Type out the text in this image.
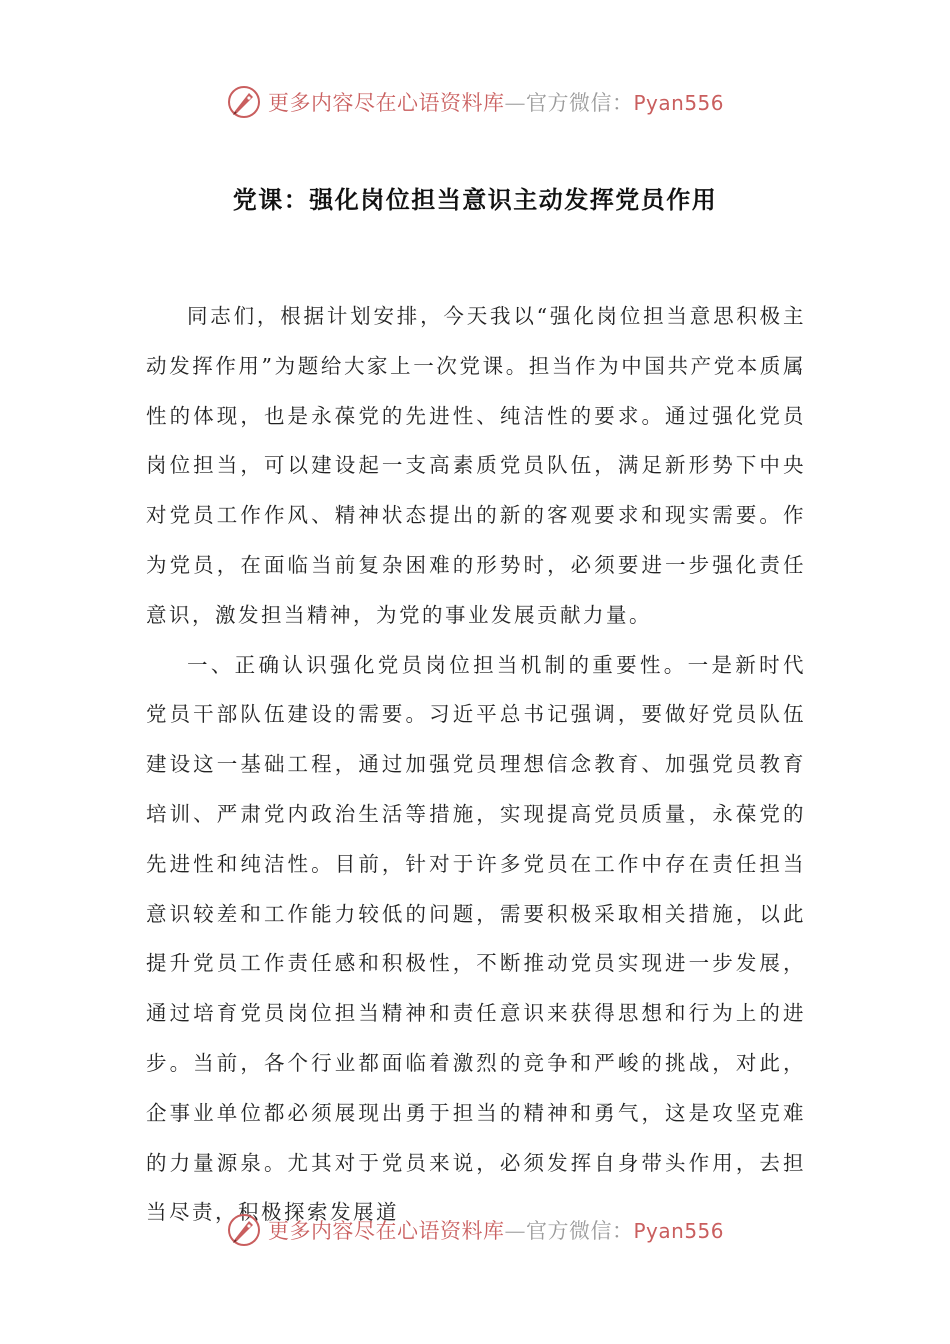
更多内容尽在心语资料库—官方微信：Pyan556
党课：强化岗位担当意识主动发挥党员作用

同志们，根据计划安排，今天我以“强化岗位担当意思积极主动发挥作用”为题给大家上一次党课。担当作为中国共产党本质属性的体现，也是永葆党的先进性、纯洁性的要求。通过强化党员岗位担当，可以建设起一支高素质党员队伍，满足新形势下中央对党员工作作风、精神状态提出的新的客观要求和现实需要。作为党员，在面临当前复杂困难的形势时，必须要进一步强化责任意识，激发担当精神，为党的事业发展贡献力量。

一、正确认识强化党员岗位担当机制的重要性。一是新时代党员干部队伍建设的需要。习近平总书记强调，要做好党员队伍建设这一基础工程，通过加强党员理想信念教育、加强党员教育培训、严肃党内政治生活等措施，实现提高党员质量，永葆党的先进性和纯洁性。目前，针对于许多党员在工作中存在责任担当意识较差和工作能力较低的问题，需要积极采取相关措施，以此提升党员工作责任感和积极性，不断推动党员实现进一步发展，通过培育党员岗位担当精神和责任意识来获得思想和行为上的进步。当前，各个行业都面临着激烈的竞争和严峻的挑战，对此，企事业单位都必须展现出勇于担当的精神和勇气，这是攻坚克难的力量源泉。尤其对于党员来说，必须发挥自身带头作用，去担当尽责，积极探索发展道

更多内容尽在心语资料库—官方微信：Pyan556
